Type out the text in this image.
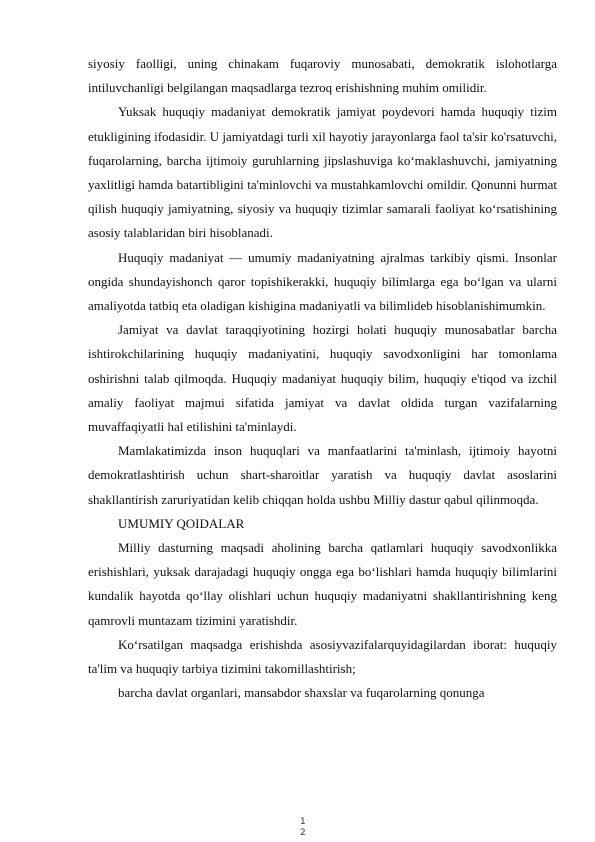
siyosiy faolligi, uning chinakam fuqaroviy munosabati, demokratik islohotlarga intiluvchanligi belgilangan maqsadlarga tezroq erishishning muhim omilidir.

Yuksak huquqiy madaniyat demokratik jamiyat poydevori hamda huquqiy tizim etukligining ifodasidir. U jamiyatdagi turli xil hayotiy jarayonlarga faol ta'sir ko'rsatuvchi, fuqarolarning, barcha ijtimoiy guruhlarning jipslashuviga ko‘maklashuvchi, jamiyatning yaxlitligi hamda batartibligini ta'minlovchi va mustahkamlovchi omildir. Qonunni hurmat qilish huquqiy jamiyatning, siyosiy va huquqiy tizimlar samarali faoliyat ko‘rsatishining asosiy talablaridan biri hisoblanadi.

Huquqiy madaniyat — umumiy madaniyatning ajralmas tarkibiy qismi. Insonlar ongida shundayishonch qaror topishikerakki, huquqiy bilimlarga ega bo‘lgan va ularni amaliyotda tatbiq eta oladigan kishigina madaniyatli va bilimlideb hisoblanishimumkin.

Jamiyat va davlat taraqqiyotining hozirgi holati huquqiy munosabatlar barcha ishtirokchilarining huquqiy madaniyatini, huquqiy savodxonligini har tomonlama oshirishni talab qilmoqda. Huquqiy madaniyat huquqiy bilim, huquqiy e'tiqod va izchil amaliy faoliyat majmui sifatida jamiyat va davlat oldida turgan vazifalarning muvaffaqiyatli hal etilishini ta'minlaydi.

Mamlakatimizda inson huquqlari va manfaatlarini ta'minlash, ijtimoiy hayotni demokratlashtirish uchun shart-sharoitlar yaratish va huquqiy davlat asoslarini shakllantirish zaruriyatidan kelib chiqqan holda ushbu Milliy dastur qabul qilinmoqda.

UMUMIY QOIDALAR

Milliy dasturning maqsadi aholining barcha qatlamlari huquqiy savodxonlikka erishishlari, yuksak darajadagi huquqiy ongga ega bo‘lishlari hamda huquqiy bilimlarini kundalik hayotda qo‘llay olishlari uchun huquqiy madaniyatni shakllantirishning keng qamrovli muntazam tizimini yaratishdir.

Ko‘rsatilgan maqsadga erishishda asosiyvazifalarquyidagilardan iborat: huquqiy ta'lim va huquqiy tarbiya tizimini takomillashtirish;

barcha davlat organlari, mansabdor shaxslar va fuqarolarning qonunga

1
2
